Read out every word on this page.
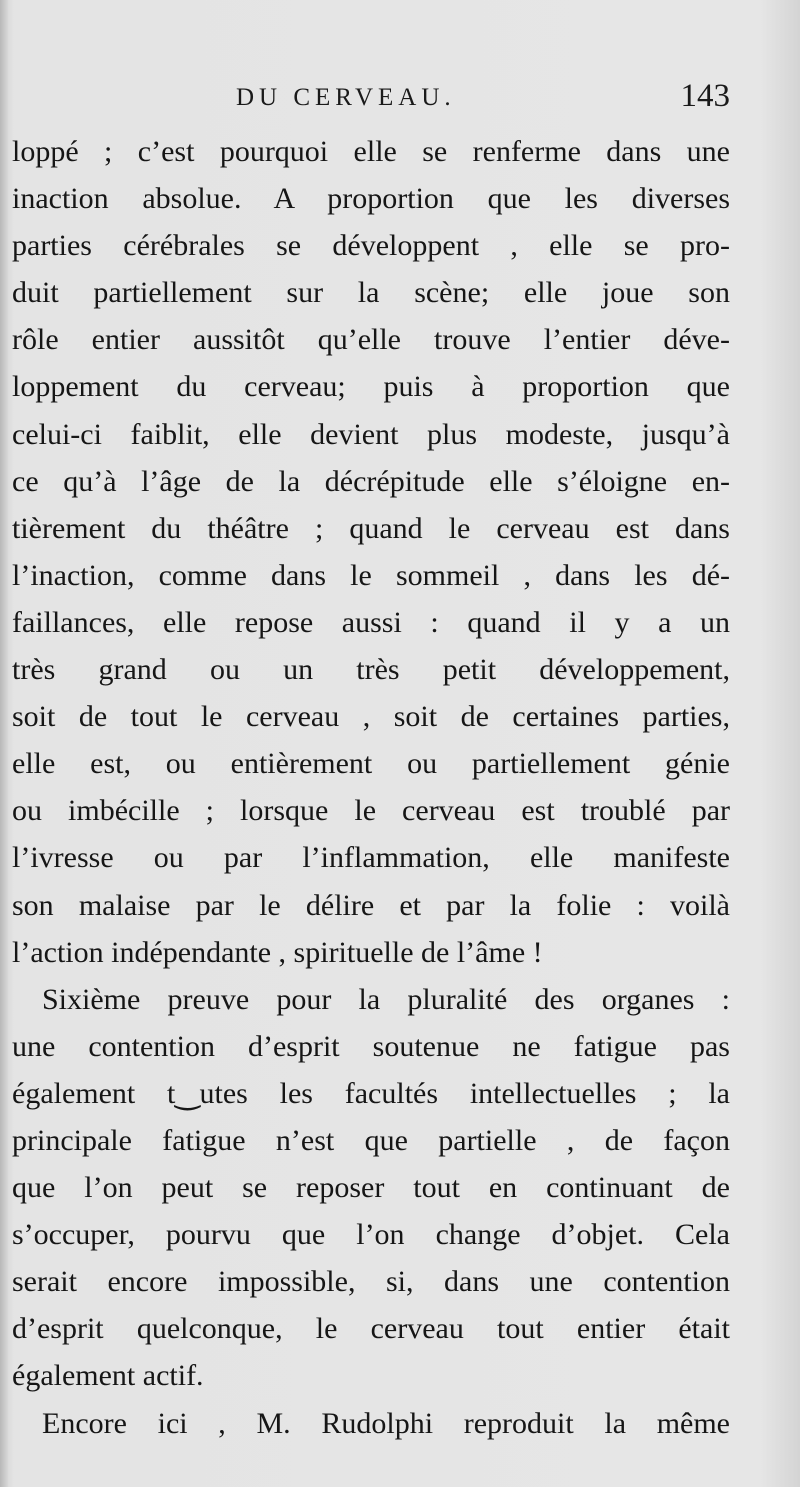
DU CERVEAU.	143
loppé ; c’est pourquoi elle se renferme dans une
inaction absolue. A proportion que les diverses
parties cérébrales se développent , elle se pro-
duit partiellement sur la scène; elle joue son
rôle entier aussitôt qu’elle trouve l’entier déve-
loppement du cerveau; puis à proportion que
celui-ci faiblit, elle devient plus modeste, jusqu’à
ce qu’à l’âge de la décrépitude elle s’éloigne en-
tièrement du théâtre ; quand le cerveau est dans
l’inaction, comme dans le sommeil , dans les dé-
faillances, elle repose aussi : quand il y a un
très grand ou un très petit développement,
soit de tout le cerveau , soit de certaines parties,
elle est, ou entièrement ou partiellement génie
ou imbécille ; lorsque le cerveau est troublé par
l’ivresse ou par l’inflammation, elle manifeste
son malaise par le délire et par la folie : voilà
l’action indépendante , spirituelle de l’âme !
Sixième preuve pour la pluralité des organes :
une contention d’esprit soutenue ne fatigue pas
également t‿utes les facultés intellectuelles ; la
principale fatigue n’est que partielle , de façon
que l’on peut se reposer tout en continuant de
s’occuper, pourvu que l’on change d’objet. Cela
serait encore impossible, si, dans une contention
d’esprit quelconque, le cerveau tout entier était
également actif.
Encore ici , M. Rudolphi reproduit la même
